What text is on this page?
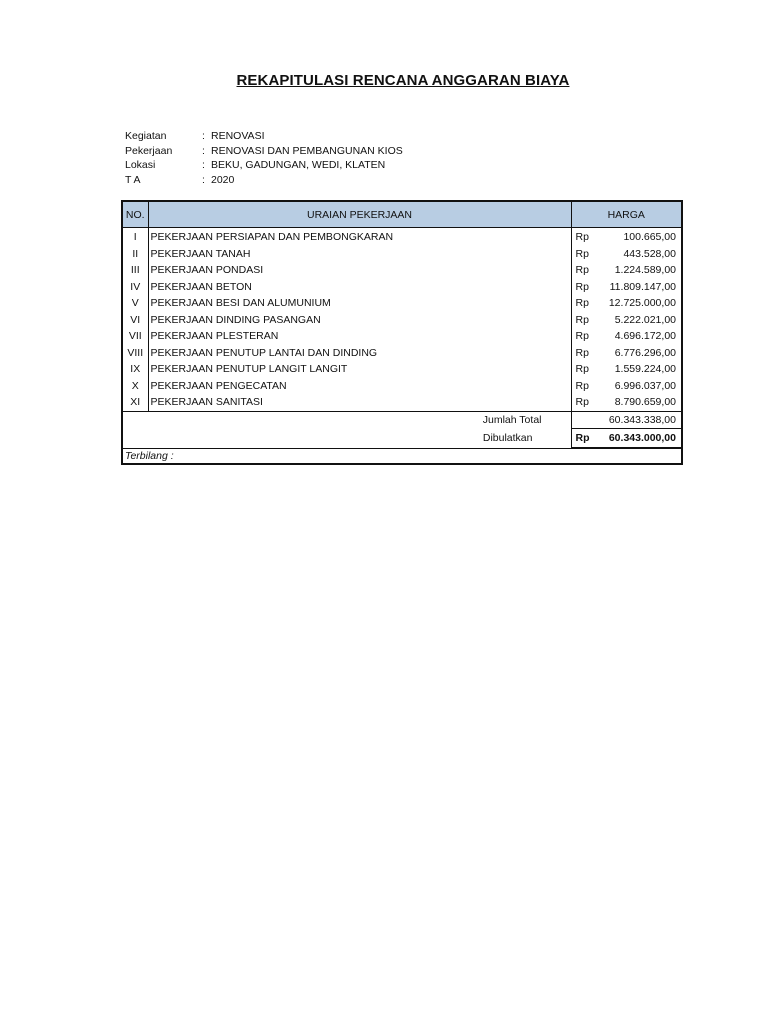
REKAPITULASI RENCANA ANGGARAN BIAYA
Kegiatan	: RENOVASI
Pekerjaan	: RENOVASI DAN PEMBANGUNAN KIOS
Lokasi	: BEKU, GADUNGAN, WEDI, KLATEN
T A	: 2020
NO.	URAIAN PEKERJAAN	HARGA	
I	PEKERJAAN PERSIAPAN DAN PEMBONGKARAN	Rp	100.665,00
II	PEKERJAAN TANAH	Rp	443.528,00
III	PEKERJAAN PONDASI	Rp	1.224.589,00
IV	PEKERJAAN BETON	Rp	11.809.147,00
V	PEKERJAAN BESI DAN ALUMUNIUM	Rp	12.725.000,00
VI	PEKERJAAN DINDING PASANGAN	Rp	5.222.021,00
VII	PEKERJAAN PLESTERAN	Rp	4.696.172,00
VIII	PEKERJAAN PENUTUP LANTAI DAN DINDING	Rp	6.776.296,00
IX	PEKERJAAN PENUTUP LANGIT LANGIT	Rp	1.559.224,00
X	PEKERJAAN PENGECATAN	Rp	6.996.037,00
XI	PEKERJAAN SANITASI	Rp	8.790.659,00

Jumlah Total		60.343.338,00	
Dibulatkan		Rp	60.343.000,00
Terbilang :
